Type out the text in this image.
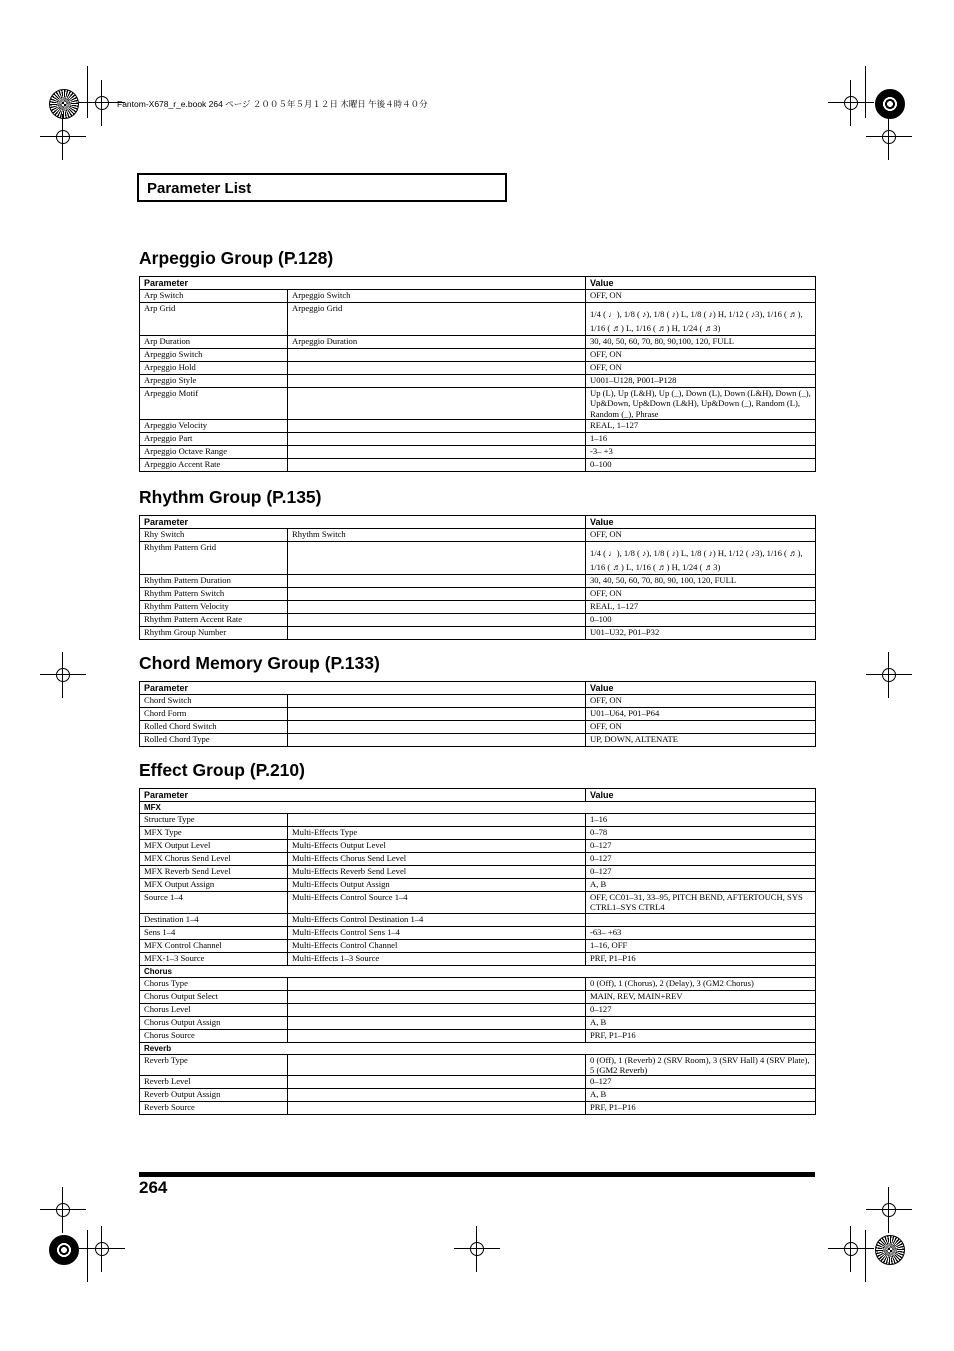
Fantom-X678_r_e.book 264 ページ ２００５年５月１２日 木曜日 午後４時４０分
Parameter List
Arpeggio Group (P.128)
Parameter		Value
Arp Switch	Arpeggio Switch	OFF, ON
Arp Grid	Arpeggio Grid	1/4 ( ♩), 1/8 ( ♪), 1/8 ( ♪) L, 1/8 ( ♪) H, 1/12 ( ♪3), 1/16 ( ♬), 1/16 ( ♬) L, 1/16 ( ♬) H, 1/24 ( ♬3)
Arp Duration	Arpeggio Duration	30, 40, 50, 60, 70, 80, 90,100, 120, FULL
Arpeggio Switch		OFF, ON
Arpeggio Hold		OFF, ON
Arpeggio Style		U001–U128, P001–P128
Arpeggio Motif		Up (L), Up (L&H), Up (_), Down (L), Down (L&H), Down (_), Up&Down, Up&Down (L&H), Up&Down (_), Random (L), Random (_), Phrase
Arpeggio Velocity		REAL, 1–127
Arpeggio Part		1–16
Arpeggio Octave Range		-3– +3
Arpeggio Accent Rate		0–100
Rhythm Group (P.135)
Parameter		Value
Rhy Switch	Rhythm Switch	OFF, ON
Rhythm Pattern Grid		1/4 ( ♩), 1/8 ( ♪), 1/8 ( ♪) L, 1/8 ( ♪) H, 1/12 ( ♪3), 1/16 ( ♬), 1/16 ( ♬) L, 1/16 ( ♬) H, 1/24 ( ♬3)
Rhythm Pattern Duration		30, 40, 50, 60, 70, 80, 90, 100, 120, FULL
Rhythm Pattern Switch		OFF, ON
Rhythm Pattern Velocity		REAL, 1–127
Rhythm Pattern Accent Rate		0–100
Rhythm Group Number		U01–U32, P01–P32
Chord Memory Group (P.133)
Parameter		Value
Chord Switch		OFF, ON
Chord Form		U01–U64, P01–P64
Rolled Chord Switch		OFF, ON
Rolled Chord Type		UP, DOWN, ALTENATE
Effect Group (P.210)
Parameter		Value
MFX		
Structure Type		1–16
MFX Type	Multi-Effects Type	0–78
MFX Output Level	Multi-Effects Output Level	0–127
MFX Chorus Send Level	Multi-Effects Chorus Send Level	0–127
MFX Reverb Send Level	Multi-Effects Reverb Send Level	0–127
MFX Output Assign	Multi-Effects Output Assign	A, B
Source 1–4	Multi-Effects Control Source 1–4	OFF, CC01–31, 33–95, PITCH BEND, AFTERTOUCH, SYS CTRL1–SYS CTRL4
Destination 1–4	Multi-Effects Control Destination 1–4	
Sens 1–4	Multi-Effects Control Sens 1–4	-63– +63
MFX Control Channel	Multi-Effects Control Channel	1–16, OFF
MFX-1–3 Source	Multi-Effects 1–3 Source	PRF, P1–P16
Chorus		
Chorus Type		0 (Off), 1 (Chorus), 2 (Delay), 3 (GM2 Chorus)
Chorus Output Select		MAIN, REV, MAIN+REV
Chorus Level		0–127
Chorus Output Assign		A, B
Chorus Source		PRF, P1–P16
Reverb		
Reverb Type		0 (Off), 1 (Reverb) 2 (SRV Room), 3 (SRV Hall) 4 (SRV Plate), 5 (GM2 Reverb)
Reverb Level		0–127
Reverb Output Assign		A, B
Reverb Source		PRF, P1–P16
264
